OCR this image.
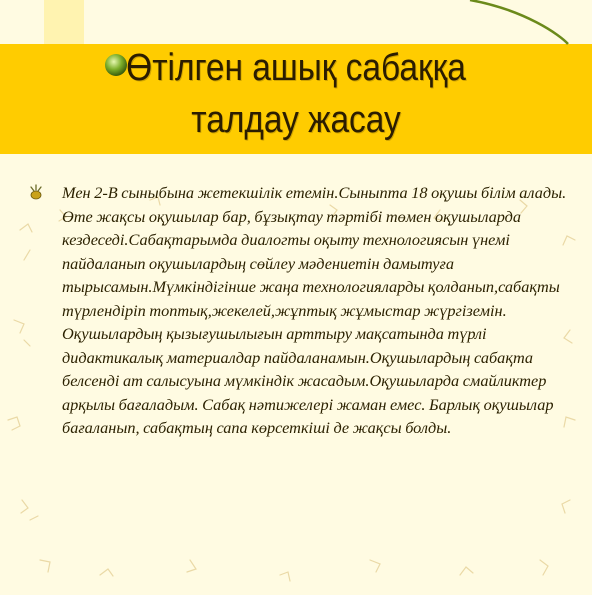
Өтілген ашық сабаққа
талдау жасау
Мен 2-В сыныбына жетекшілік етемін.Сыныпта 18 оқушы білім алады. Өте жақсы оқушылар бар, бұзықтау тәртібі төмен оқушыларда кездеседі.Сабақтарымда диалогты оқыту технологиясын үнемі пайдаланып оқушылардың сөйлеу мәдениетін дамытуға тырысамын.Мүмкіндігінше жаңа технологияларды қолданып,сабақты түрлендіріп топтық,жекелей,жұптық жұмыстар жүргіземін. Оқушылардың қызығушылығын арттыру мақсатында түрлі дидактикалық материалдар пайдаланамын.Оқушылардың сабақта белсенді ат салысуына мүмкіндік жасадым.Оқушыларда смайликтер арқылы бағаладым. Сабақ нәтижелері жаман емес. Барлық оқушылар бағаланып, сабақтың сапа көрсеткіші де жақсы болды.
